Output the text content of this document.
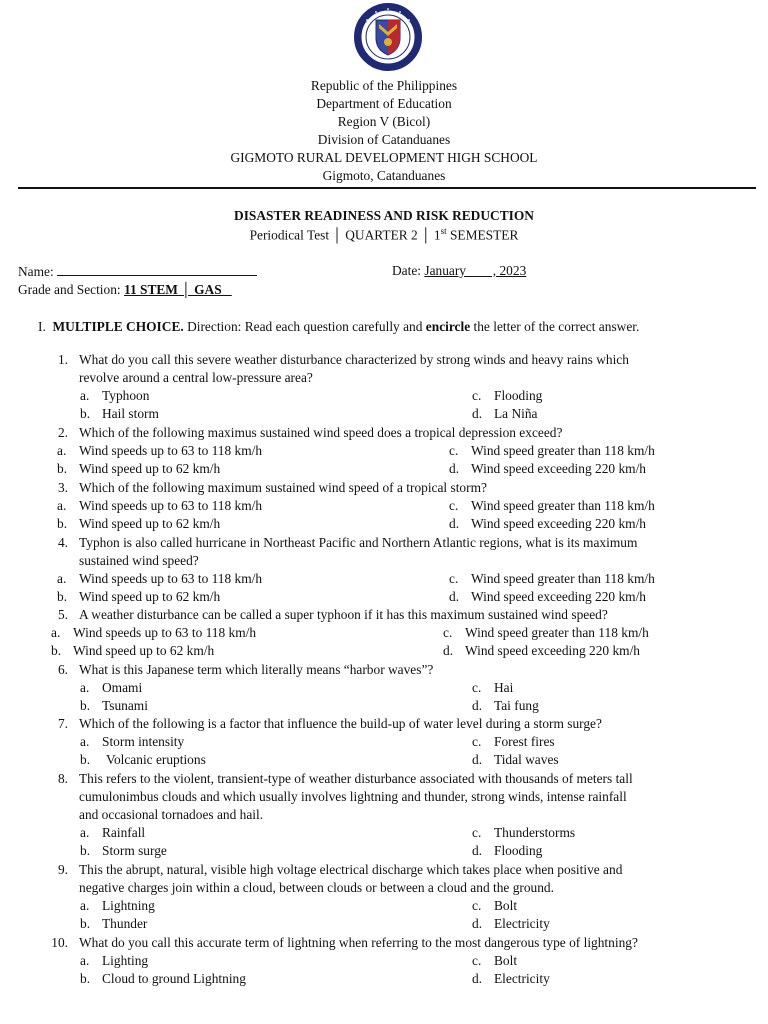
Republic of the Philippines
Department of Education
Region V (Bicol)
Division of Catanduanes
GIGMOTO RURAL DEVELOPMENT HIGH SCHOOL
Gigmoto, Catanduanes
DISASTER READINESS AND RISK REDUCTION
Periodical Test │ QUARTER 2 │ 1st SEMESTER
Name:	Date: January        , 2023
Grade and Section: 11 STEM │ GAS
I. MULTIPLE CHOICE. Direction: Read each question carefully and encircle the letter of the correct answer.
1. What do you call this severe weather disturbance characterized by strong winds and heavy rains which
revolve around a central low-pressure area?
a. Typhoon	c. Flooding
b. Hail storm	d. La Niña
2. Which of the following maximus sustained wind speed does a tropical depression exceed?
a. Wind speeds up to 63 to 118 km/h	c. Wind speed greater than 118 km/h
b. Wind speed up to 62 km/h	d. Wind speed exceeding 220 km/h
3. Which of the following maximum sustained wind speed of a tropical storm?
a. Wind speeds up to 63 to 118 km/h	c. Wind speed greater than 118 km/h
b. Wind speed up to 62 km/h	d. Wind speed exceeding 220 km/h
4. Typhon is also called hurricane in Northeast Pacific and Northern Atlantic regions, what is its maximum
sustained wind speed?
a. Wind speeds up to 63 to 118 km/h	c. Wind speed greater than 118 km/h
b. Wind speed up to 62 km/h	d. Wind speed exceeding 220 km/h
5. A weather disturbance can be called a super typhoon if it has this maximum sustained wind speed?
a. Wind speeds up to 63 to 118 km/h	c. Wind speed greater than 118 km/h
b. Wind speed up to 62 km/h	d. Wind speed exceeding 220 km/h
6. What is this Japanese term which literally means “harbor waves”?
a. Omami	c. Hai
b. Tsunami	d. Tai fung
7. Which of the following is a factor that influence the build-up of water level during a storm surge?
a. Storm intensity	c. Forest fires
b. Volcanic eruptions	d. Tidal waves
8. This refers to the violent, transient-type of weather disturbance associated with thousands of meters tall
cumulonimbus clouds and which usually involves lightning and thunder, strong winds, intense rainfall
and occasional tornadoes and hail.
a. Rainfall	c. Thunderstorms
b. Storm surge	d. Flooding
9. This the abrupt, natural, visible high voltage electrical discharge which takes place when positive and
negative charges join within a cloud, between clouds or between a cloud and the ground.
a. Lightning	c. Bolt
b. Thunder	d. Electricity
10. What do you call this accurate term of lightning when referring to the most dangerous type of lightning?
a. Lighting	c. Bolt
b. Cloud to ground Lightning	d. Electricity
